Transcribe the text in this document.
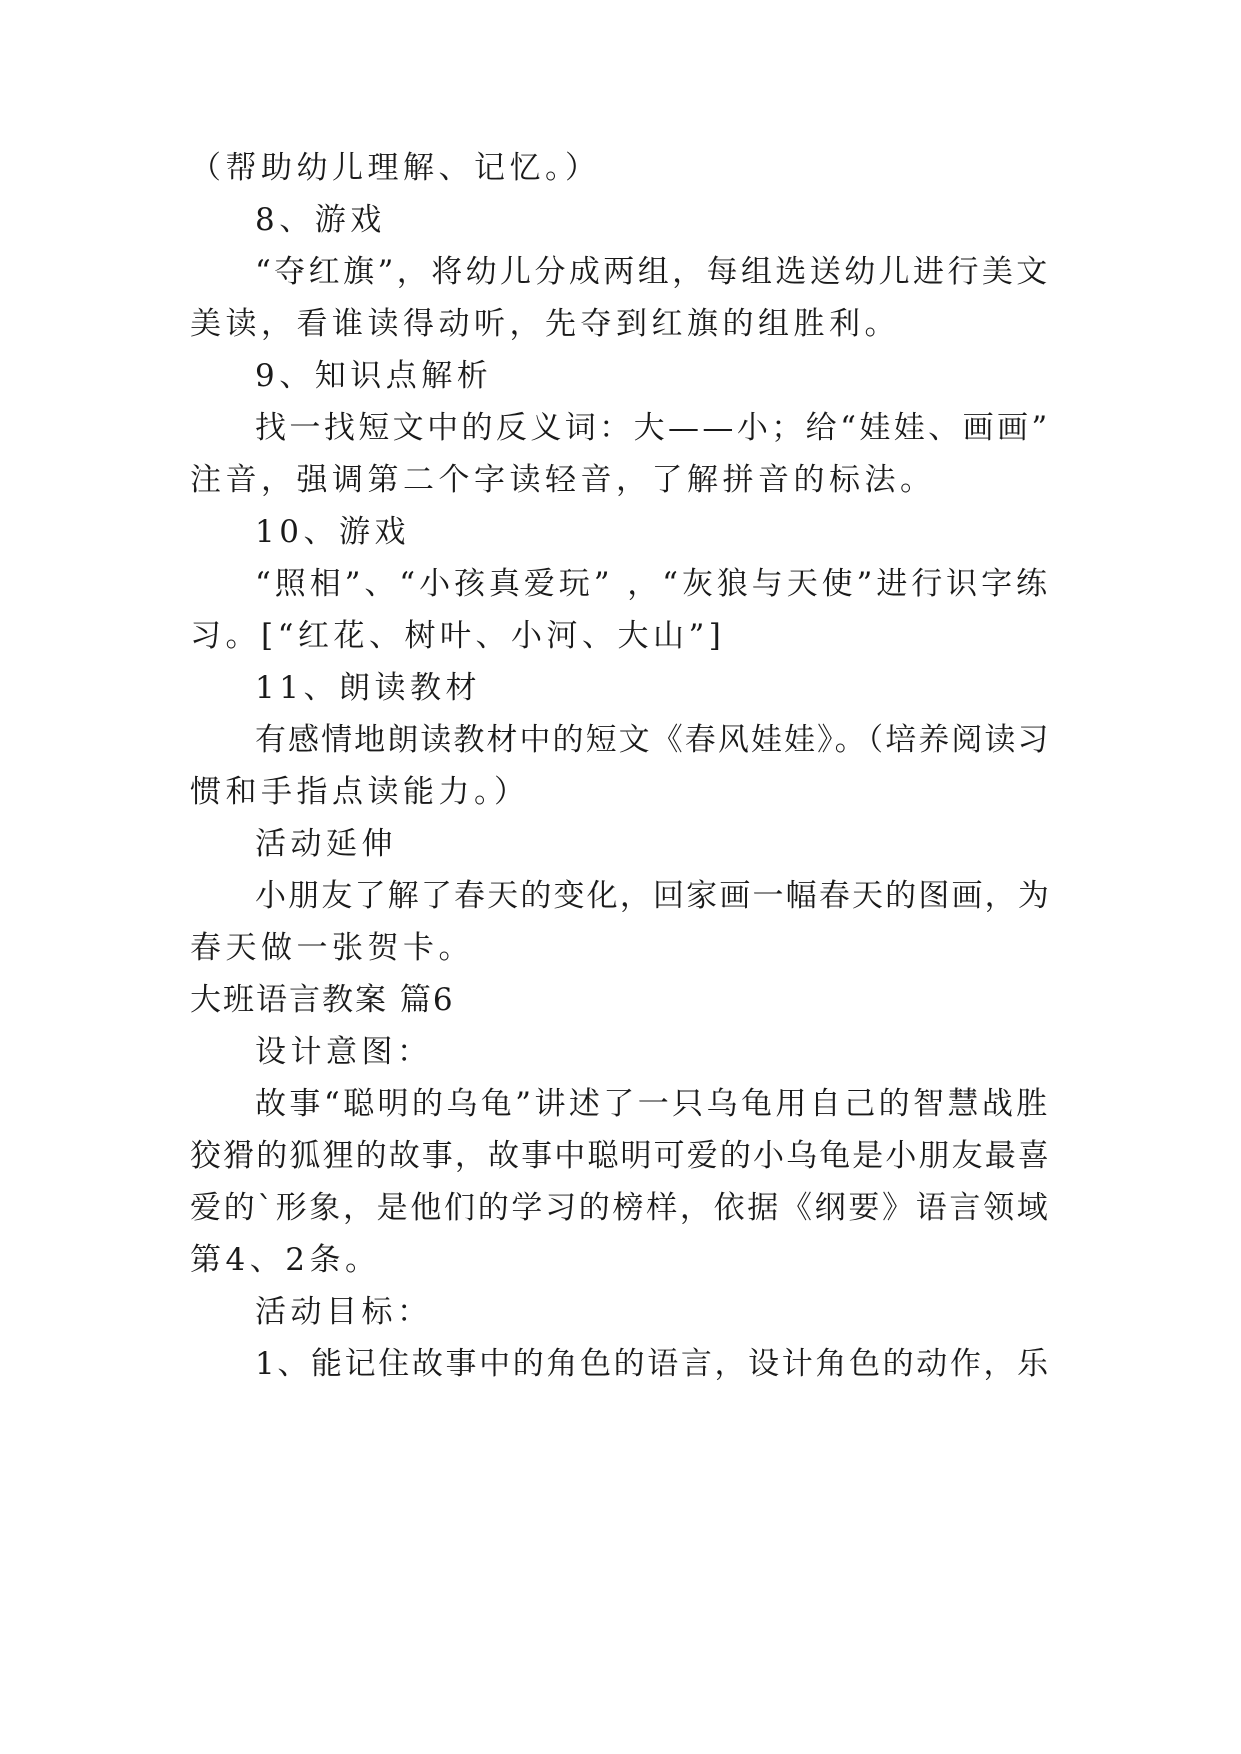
（帮助幼儿理解、记忆。）
8、游戏
“夺红旗”，将幼儿分成两组，每组选送幼儿进行美文
美读，看谁读得动听，先夺到红旗的组胜利。
9、知识点解析
找一找短文中的反义词：大——小；给“娃娃、画画”
注音，强调第二个字读轻音，了解拼音的标法。
10、游戏
“照相”、“小孩真爱玩” ，“灰狼与天使”进行识字练
习。[“红花、树叶、小河、大山”]
11、朗读教材
有感情地朗读教材中的短文《春风娃娃》。（培养阅读习
惯和手指点读能力。）
活动延伸
小朋友了解了春天的变化，回家画一幅春天的图画，为
春天做一张贺卡。
大班语言教案 篇6
设计意图：
故事“聪明的乌龟”讲述了一只乌龟用自己的智慧战胜
狡猾的狐狸的故事，故事中聪明可爱的小乌龟是小朋友最喜
爱的`形象，是他们的学习的榜样，依据《纲要》语言领域
第4、2条。
活动目标：
1、能记住故事中的角色的语言，设计角色的动作，乐
